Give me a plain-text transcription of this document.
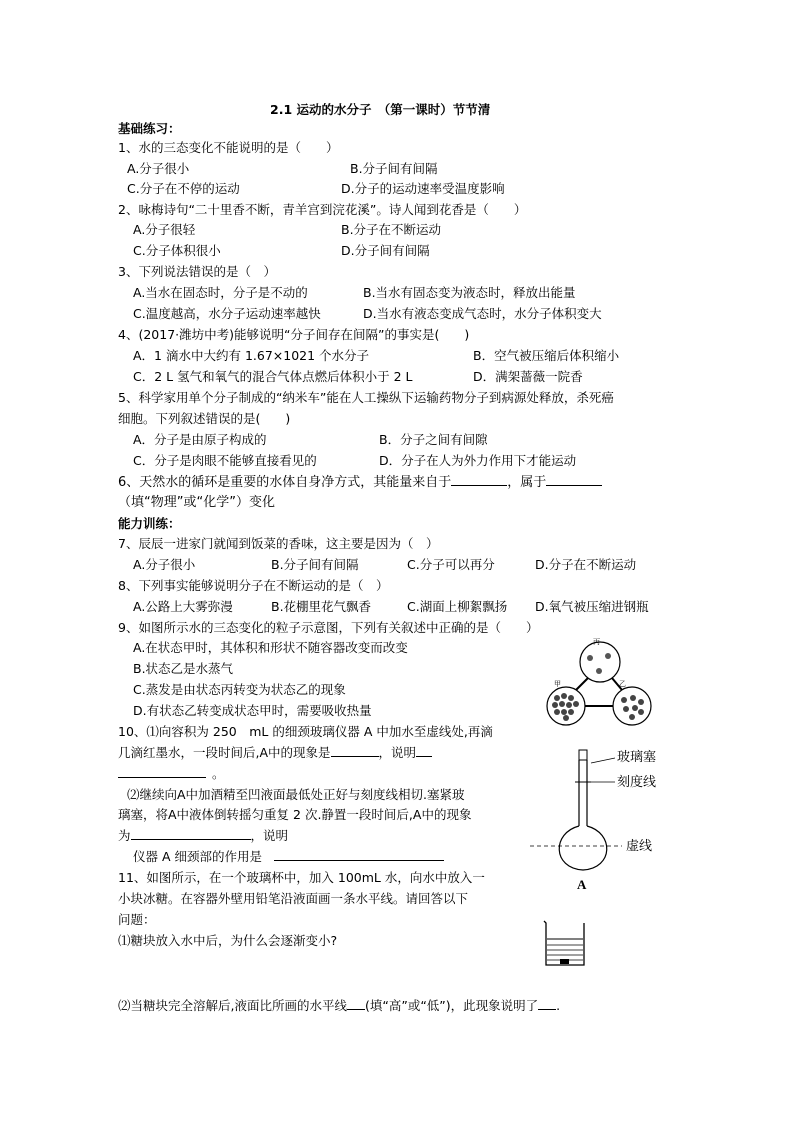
2.1 运动的水分子　（第一课时）节节清
基础练习：
1、水的三态变化不能说明的是（　　）
A.分子很小	B.分子间有间隔
C.分子在不停的运动	D.分子的运动速率受温度影响
2、咏梅诗句“二十里香不断，青羊宫到浣花溪”。诗人闻到花香是（　　）
A.分子很轻	B.分子在不断运动
C.分子体积很小	D.分子间有间隔
3、下列说法错误的是（　）
A.当水在固态时，分子是不动的	B.当水有固态变为液态时，释放出能量
C.温度越高，水分子运动速率越快	D.当水有液态变成气态时，水分子体积变大
4、(2017·潍坊中考)能够说明“分子间存在间隔”的事实是(　　)
A．1 滴水中大约有 1.67×1021 个水分子	B．空气被压缩后体积缩小
C．2 L 氢气和氧气的混合气体点燃后体积小于 2 L	D．满架蔷薇一院香
5、科学家用单个分子制成的“纳米车”能在人工操纵下运输药物分子到病源处释放，杀死癌
细胞。下列叙述错误的是(　　)
A．分子是由原子构成的	B．分子之间有间隙
C．分子是肉眼不能够直接看见的	D．分子在人为外力作用下才能运动
6、天然水的循环是重要的水体自身净方式，其能量来自于	，属于
（填“物理”或“化学”）变化
能力训练：
7、辰辰一进家门就闻到饭菜的香味，这主要是因为（　）
A.分子很小	B.分子间有间隔	C.分子可以再分	D.分子在不断运动
8、下列事实能够说明分子在不断运动的是（　）
A.公路上大雾弥漫	B.花棚里花气飘香	C.湖面上柳絮飘扬 D.氧气被压缩进钢瓶
9、如图所示水的三态变化的粒子示意图，下列有关叙述中正确的是（　　）
A.在状态甲时，其体积和形状不随容器改变而改变
B.状态乙是水蒸气
C.蒸发是由状态丙转变为状态乙的现象
D.有状态乙转变成状态甲时，需要吸收热量
丙
甲	乙
10、⑴向容积为 250　mL 的细颈玻璃仪器 A 中加水至虚线处,再滴
几滴红墨水，一段时间后,A中的现象是	，说明
。
⑵继续向A中加酒精至凹液面最低处正好与刻度线相切.塞紧玻
璃塞，将A中液体倒转摇匀重复 2 次.静置一段时间后,A中的现象
为	，说明
仪器 A 细颈部的作用是
玻璃塞
刻度线
虚线
A
11、如图所示，在一个玻璃杯中，加入 100mL 水，向水中放入一
小块冰糖。在容器外壁用铅笔沿液面画一条水平线。请回答以下
问题：
⑴糖块放入水中后，为什么会逐渐变小?
⑵当糖块完全溶解后,液面比所画的水平线 (填“高”或“低”)，此现象说明了 .
